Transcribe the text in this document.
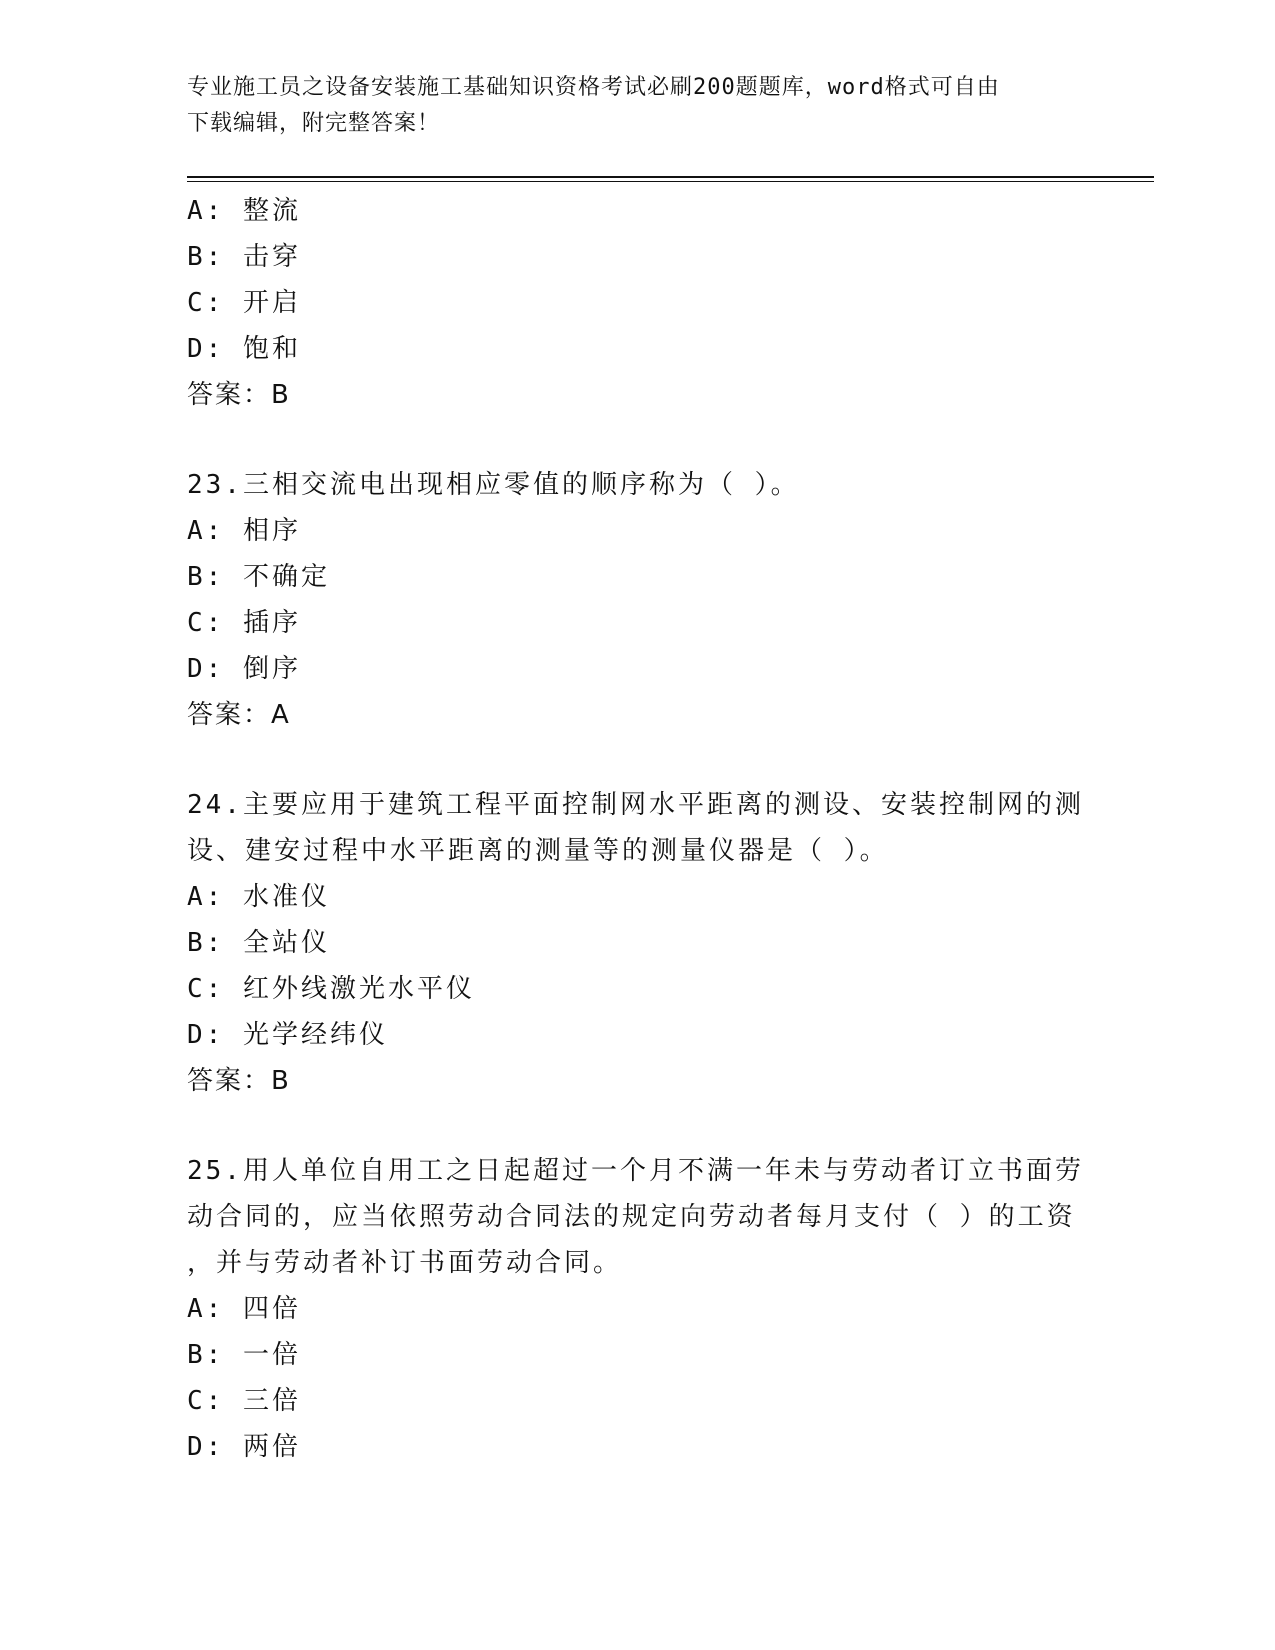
专业施工员之设备安装施工基础知识资格考试必刷200题题库，word格式可自由
下载编辑，附完整答案！
A: 整流
B: 击穿
C: 开启
D: 饱和
答案：B
23.三相交流电出现相应零值的顺序称为（ ）。
A: 相序
B: 不确定
C: 插序
D: 倒序
答案：A
24.主要应用于建筑工程平面控制网水平距离的测设、安装控制网的测
设、建安过程中水平距离的测量等的测量仪器是（ ）。
A: 水准仪
B: 全站仪
C: 红外线激光水平仪
D: 光学经纬仪
答案：B
25.用人单位自用工之日起超过一个月不满一年未与劳动者订立书面劳
动合同的，应当依照劳动合同法的规定向劳动者每月支付（ ）的工资
，并与劳动者补订书面劳动合同。
A: 四倍
B: 一倍
C: 三倍
D: 两倍
